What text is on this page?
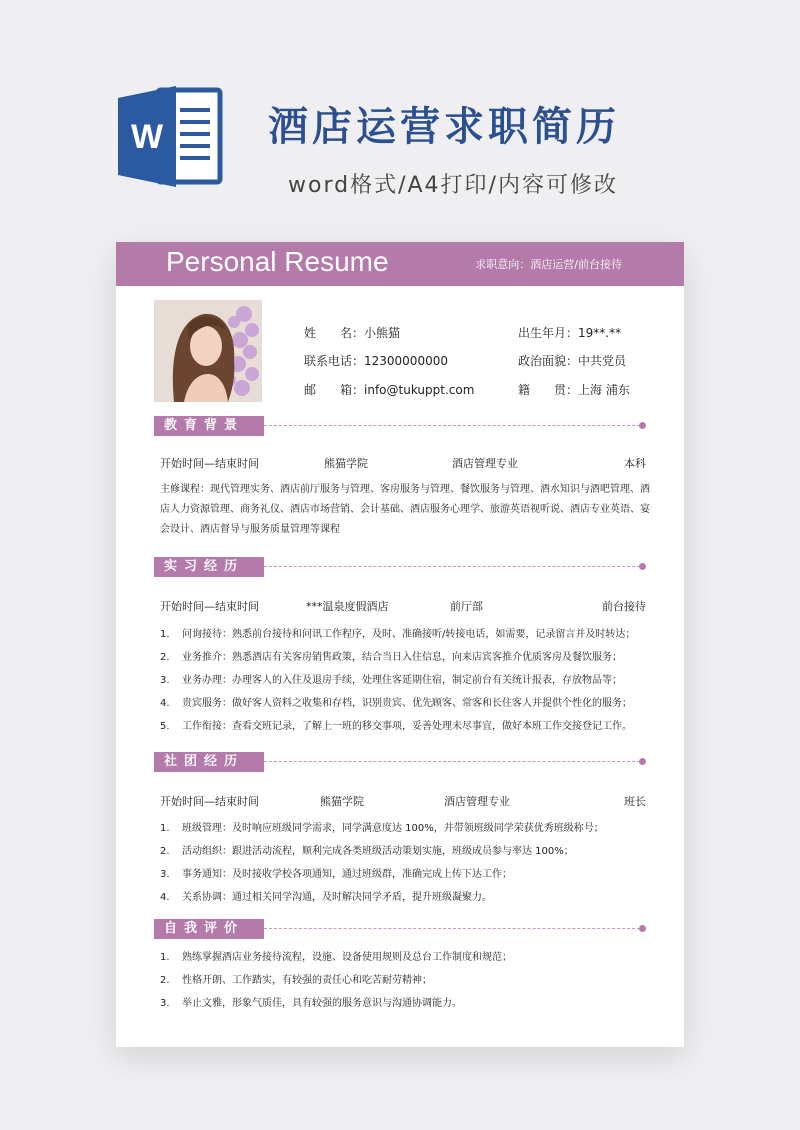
W	酒店运营求职简历
word格式/A4打印/内容可修改
Personal Resume	求职意向：酒店运营/前台接待
姓　　名：小熊猫	出生年月：19**.**
联系电话：12300000000	政治面貌：中共党员
邮　　箱：info@tukuppt.com	籍　　贯：上海 浦东
教育背景
开始时间—结束时间	熊猫学院	酒店管理专业	本科
主修课程：现代管理实务、酒店前厅服务与管理、客房服务与管理、餐饮服务与管理、酒水知识与酒吧管理、酒店人力资源管理、商务礼仪、酒店市场营销、会计基础、酒店服务心理学、旅游英语视听说、酒店专业英语、宴会设计、酒店督导与服务质量管理等课程
实习经历
开始时间—结束时间	***温泉度假酒店	前厅部	前台接待
1. 问询接待：熟悉前台接待和问讯工作程序，及时、准确接听/转接电话，如需要，记录留言并及时转达；
2. 业务推介：熟悉酒店有关客房销售政策，结合当日入住信息，向来店宾客推介优质客房及餐饮服务；
3. 业务办理：办理客人的入住及退房手续，处理住客延期住宿，制定前台有关统计报表，存放物品等；
4. 贵宾服务：做好客人资料之收集和存档，识别贵宾、优先顾客、常客和长住客人并提供个性化的服务；
5. 工作衔接：查看交班记录，了解上一班的移交事项，妥善处理未尽事宜，做好本班工作交接登记工作。
社团经历
开始时间—结束时间	熊猫学院	酒店管理专业	班长
1. 班级管理：及时响应班级同学需求，同学满意度达 100%，并带领班级同学荣获优秀班级称号；
2. 活动组织：跟进活动流程，顺利完成各类班级活动策划实施，班级成员参与率达 100%；
3. 事务通知：及时接收学校各项通知，通过班级群，准确完成上传下达工作；
4. 关系协调：通过相关同学沟通，及时解决同学矛盾，提升班级凝聚力。
自我评价
1. 熟练掌握酒店业务接待流程，设施、设备使用规则及总台工作制度和规范；
2. 性格开朗、工作踏实，有较强的责任心和吃苦耐劳精神；
3. 举止文雅，形象气质佳，具有较强的服务意识与沟通协调能力。
